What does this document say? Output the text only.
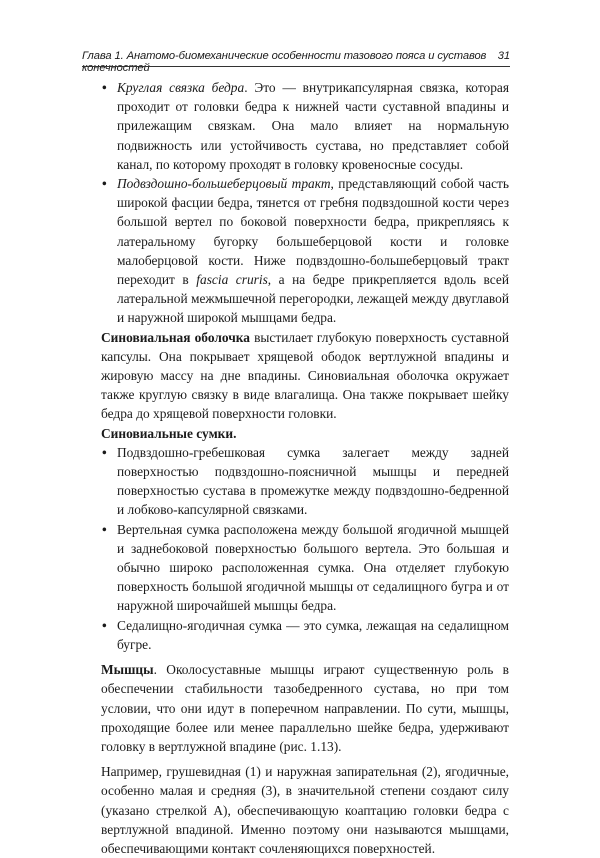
Глава 1. Анатомо-биомеханические особенности тазового пояса и суставов конечностей
31
• Круглая связка бедра. Это — внутрикапсулярная связка, которая проходит от головки бедра к нижней части суставной впадины и прилежащим связкам. Она мало влияет на нормальную подвижность или устойчивость сустава, но представляет собой канал, по которому проходят в головку кровеносные сосуды.
• Подвздошно-большеберцовый тракт, представляющий собой часть широкой фасции бедра, тянется от гребня подвздошной кости через большой вертел по боковой поверхности бедра, прикрепляясь к латеральному бугорку большеберцовой кости и головке малоберцовой кости. Ниже подвздошно-большеберцовый тракт переходит в fascia cruris, а на бедре прикрепляется вдоль всей латеральной межмышечной перегородки, лежащей между двуглавой и наружной широкой мышцами бедра.

Синовиальная оболочка выстилает глубокую поверхность суставной капсулы. Она покрывает хрящевой ободок вертлужной впадины и жировую массу на дне впадины. Синовиальная оболочка окружает также круглую связку в виде влагалища. Она также покрывает шейку бедра до хрящевой поверхности головки.

Синовиальные сумки.

• Подвздошно-гребешковая сумка залегает между задней поверхностью подвздошно-поясничной мышцы и передней поверхностью сустава в промежутке между подвздошно-бедренной и лобково-капсулярной связками.
• Вертельная сумка расположена между большой ягодичной мышцей и заднебоковой поверхностью большого вертела. Это большая и обычно широко расположенная сумка. Она отделяет глубокую поверхность большой ягодичной мышцы от седалищного бугра и от наружной широчайшей мышцы бедра.
• Седалищно-ягодичная сумка — это сумка, лежащая на седалищном бугре.

Мышцы. Околосуставные мышцы играют существенную роль в обеспечении стабильности тазобедренного сустава, но при том условии, что они идут в поперечном направлении. По сути, мышцы, проходящие более или менее параллельно шейке бедра, удерживают головку в вертлужной впадине (рис. 1.13).

Например, грушевидная (1) и наружная запирательная (2), ягодичные, особенно малая и средняя (3), в значительной степени создают силу (указано стрелкой А), обеспечивающую коаптацию головки бедра с вертлужной впадиной. Именно поэтому они называются мышцами, обеспечивающими контакт сочленяющихся поверхностей.
